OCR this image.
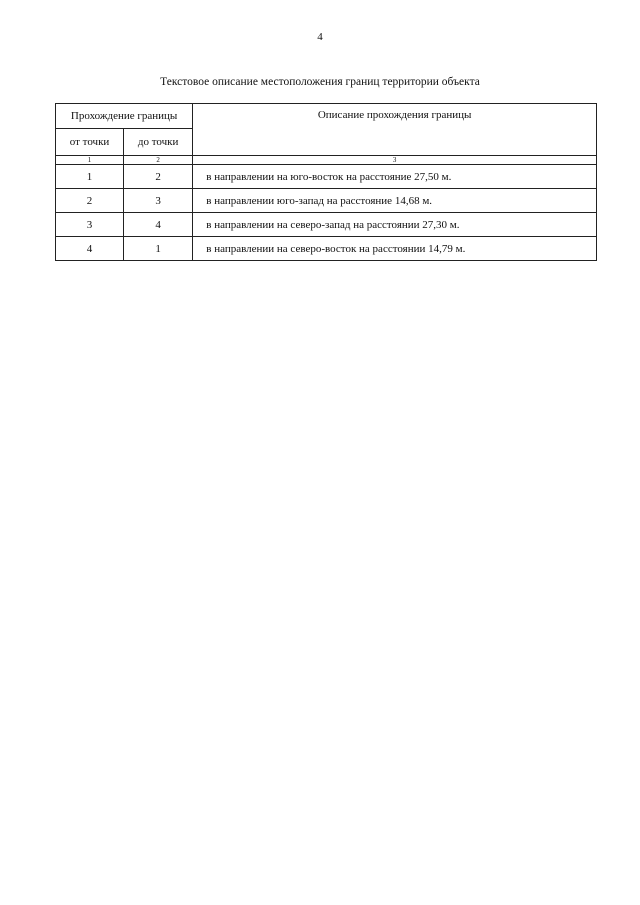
4
Текстовое описание местоположения границ территории объекта
Прохождение границы		Описание прохождения границы
от точки	до точки	
1	2	3
1	2	в направлении на юго-восток на расстояние 27,50 м.
2	3	в направлении юго-запад на расстояние 14,68 м.
3	4	в направлении на северо-запад на расстоянии 27,30 м.
4	1	в направлении на северо-восток на расстоянии 14,79 м.
